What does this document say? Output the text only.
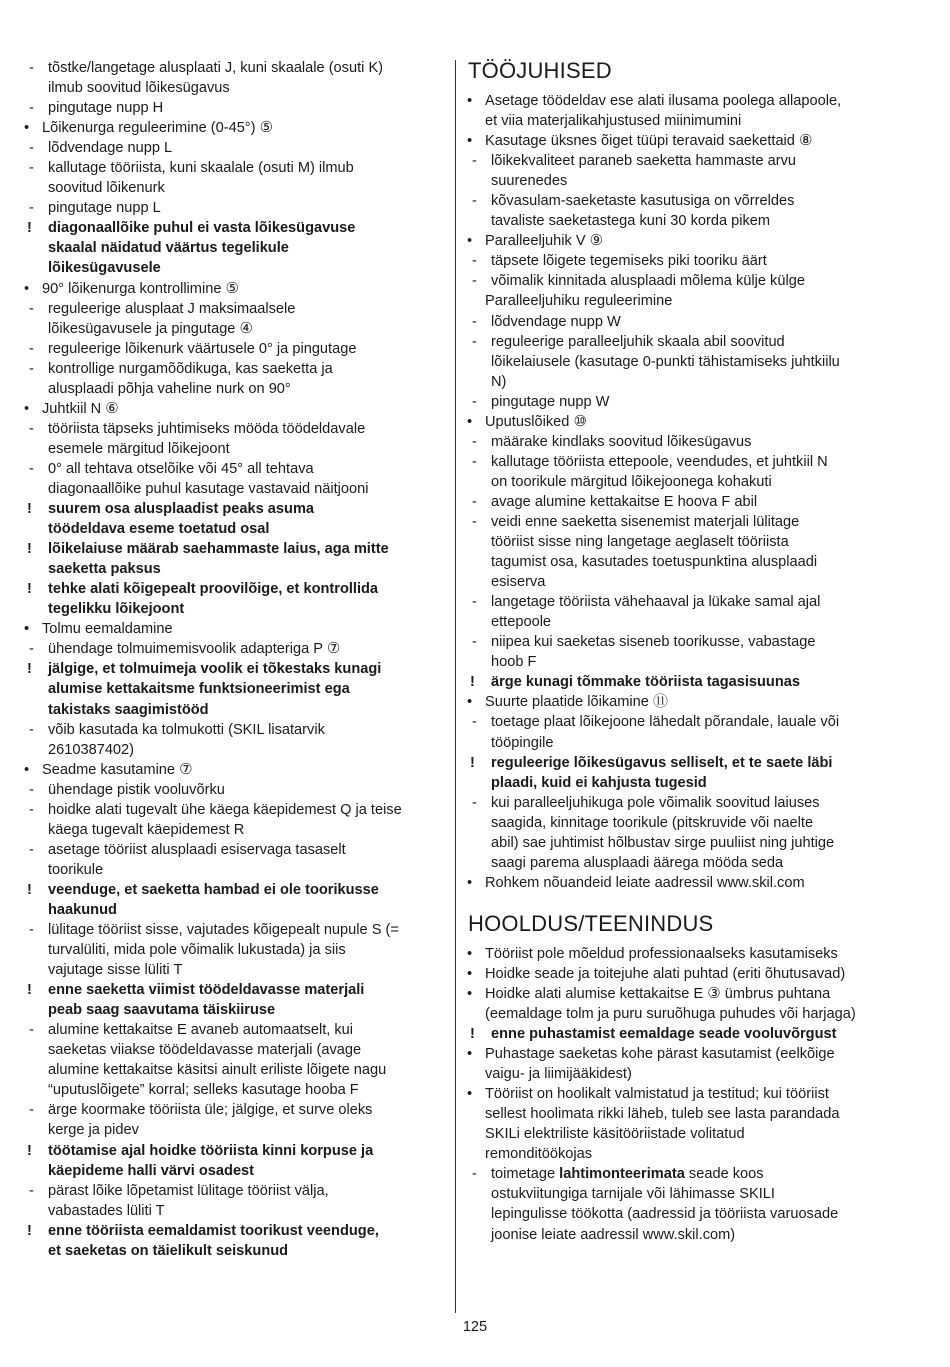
- tõstke/langetage alusplaati J, kuni skaalale (osuti K)
ilmub soovitud lõikesügavus
- pingutage nupp H
• Lõikenurga reguleerimine (0-45°) ⑤
- lõdvendage nupp L
- kallutage tööriista, kuni skaalale (osuti M) ilmub
soovitud lõikenurk
- pingutage nupp L
! diagonaallõike puhul ei vasta lõikesügavuse
skaalal näidatud väärtus tegelikule
lõikesügavusele
• 90° lõikenurga kontrollimine ⑤
- reguleerige alusplaat J maksimaalsele
lõikesügavusele ja pingutage ④
- reguleerige lõikenurk väärtusele 0° ja pingutage
- kontrollige nurgamõõdikuga, kas saeketta ja
alusplaadi põhja vaheline nurk on 90°
• Juhtkiil N ⑥
- tööriista täpseks juhtimiseks mööda töödeldavale
esemele märgitud lõikejoont
- 0° all tehtava otselõike või 45° all tehtava
diagonaallõike puhul kasutage vastavaid näitjooni
! suurem osa alusplaadist peaks asuma
töödeldava eseme toetatud osal
! lõikelaiuse määrab saehammaste laius, aga mitte
saeketta paksus
! tehke alati kõigepealt proovilõige, et kontrollida
tegelikku lõikejoont
• Tolmu eemaldamine
- ühendage tolmuimemisvoolik adapteriga P ⑦
! jälgige, et tolmuimeja voolik ei tõkestaks kunagi
alumise kettakaitsme funktsioneerimist ega
takistaks saagimistööd
- võib kasutada ka tolmukotti (SKIL lisatarvik
2610387402)
• Seadme kasutamine ⑦
- ühendage pistik vooluvõrku
- hoidke alati tugevalt ühe käega käepidemest Q ja teise
käega tugevalt käepidemest R
- asetage tööriist alusplaadi esiservaga tasaselt
toorikule
! veenduge, et saeketta hambad ei ole toorikusse
haakunud
- lülitage tööriist sisse, vajutades kõigepealt nupule S (=
turvalüliti, mida pole võimalik lukustada) ja siis
vajutage sisse lüliti T
! enne saeketta viimist töödeldavasse materjali
peab saag saavutama täiskiiruse
- alumine kettakaitse E avaneb automaatselt, kui
saeketas viiakse töödeldavasse materjali (avage
alumine kettakaitse käsitsi ainult eriliste lõigete nagu
“uputuslõigete” korral; selleks kasutage hooba F
- ärge koormake tööriista üle; jälgige, et surve oleks
kerge ja pidev
! töötamise ajal hoidke tööriista kinni korpuse ja
käepideme halli värvi osadest
- pärast lõike lõpetamist lülitage tööriist välja,
vabastades lüliti T
! enne tööriista eemaldamist toorikust veenduge,
et saeketas on täielikult seiskunud
TÖÖJUHISED
• Asetage töödeldav ese alati ilusama poolega allapoole,
et viia materjalikahjustused miinimumini
• Kasutage üksnes õiget tüüpi teravaid saekettaid ⑧
- lõikekvaliteet paraneb saeketta hammaste arvu
suurenedes
- kõvasulam-saeketaste kasutusiga on võrreldes
tavaliste saeketastega kuni 30 korda pikem
• Paralleeljuhik V ⑨
- täpsete lõigete tegemiseks piki tooriku äärt
- võimalik kinnitada alusplaadi mõlema külje külge
Paralleeljuhiku reguleerimine
- lõdvendage nupp W
- reguleerige paralleeljuhik skaala abil soovitud
lõikelaiusele (kasutage 0-punkti tähistamiseks juhtkiilu
N)
- pingutage nupp W
• Uputuslõiked ⑩
- määrake kindlaks soovitud lõikesügavus
- kallutage tööriista ettepoole, veendudes, et juhtkiil N
on toorikule märgitud lõikejoonega kohakuti
- avage alumine kettakaitse E hoova F abil
- veidi enne saeketta sisenemist materjali lülitage
tööriist sisse ning langetage aeglaselt tööriista
tagumist osa, kasutades toetuspunktina alusplaadi
esiserva
- langetage tööriista vähehaaval ja lükake samal ajal
ettepoole
- niipea kui saeketas siseneb toorikusse, vabastage
hoob F
! ärge kunagi tõmmake tööriista tagasisuunas
• Suurte plaatide lõikamine ⑪
- toetage plaat lõikejoone lähedalt põrandale, lauale või
tööpingile
! reguleerige lõikesügavus selliselt, et te saete läbi
plaadi, kuid ei kahjusta tugesid
- kui paralleeljuhikuga pole võimalik soovitud laiuses
saagida, kinnitage toorikule (pitskruvide või naelte
abil) sae juhtimist hõlbustav sirge puuliist ning juhtige
saagi parema alusplaadi äärega mööda seda
• Rohkem nõuandeid leiate aadressil www.skil.com
HOOLDUS/TEENINDUS
• Tööriist pole mõeldud professionaalseks kasutamiseks
• Hoidke seade ja toitejuhe alati puhtad (eriti õhutusavad)
• Hoidke alati alumise kettakaitse E ③ ümbrus puhtana
(eemaldage tolm ja puru suruõhuga puhudes või harjaga)
! enne puhastamist eemaldage seade vooluvõrgust
• Puhastage saeketas kohe pärast kasutamist (eelkõige
vaigu- ja liimijääkidest)
• Tööriist on hoolikalt valmistatud ja testitud; kui tööriist
sellest hoolimata rikki läheb, tuleb see lasta parandada
SKILi elektriliste käsitööriistade volitatud
remonditöökojas
- toimetage lahtimonteerimata seade koos
ostukviitungiga tarnijale või lähimasse SKILI
lepingulisse töökotta (aadressid ja tööriista varuosade
joonise leiate aadressil www.skil.com)
125
